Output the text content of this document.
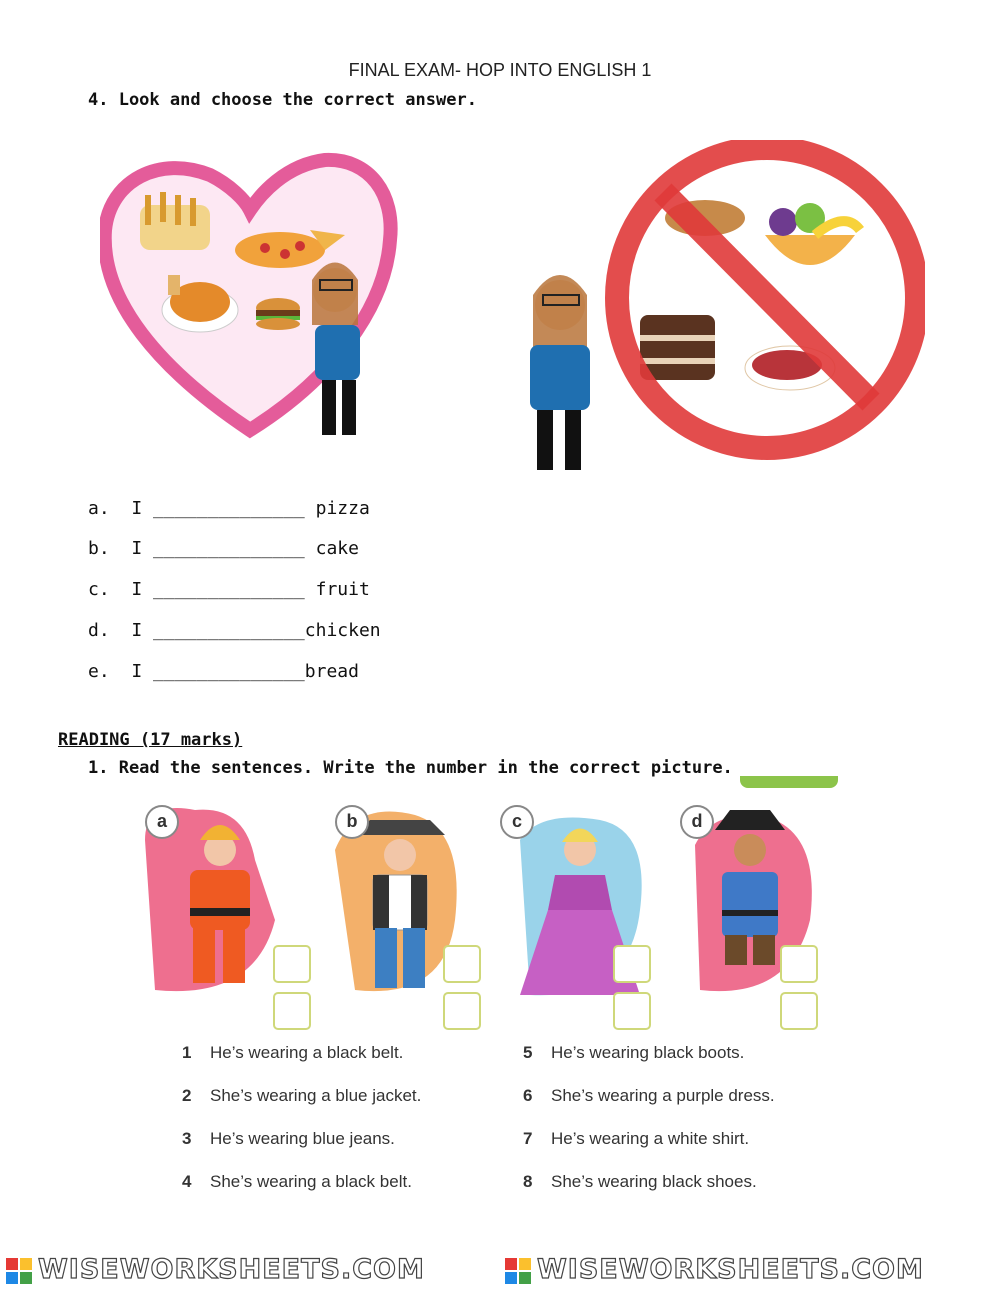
FINAL EXAM- HOP INTO ENGLISH 1
4. Look and choose the correct answer.
a. I ______________ pizza
b. I ______________ cake
c. I ______________ fruit
d. I ______________chicken
e. I ______________bread
READING (17 marks)
1. Read the sentences. Write the number in the correct picture.
a	b	c	d
1 He’s wearing a black belt.
2 She’s wearing a blue jacket.
3 He’s wearing blue jeans.
4 She’s wearing a black belt.
5 He’s wearing black boots.
6 She’s wearing a purple dress.
7 He’s wearing a white shirt.
8 She’s wearing black shoes.
WISEWORKSHEETS.COM	WISEWORKSHEETS.COM
